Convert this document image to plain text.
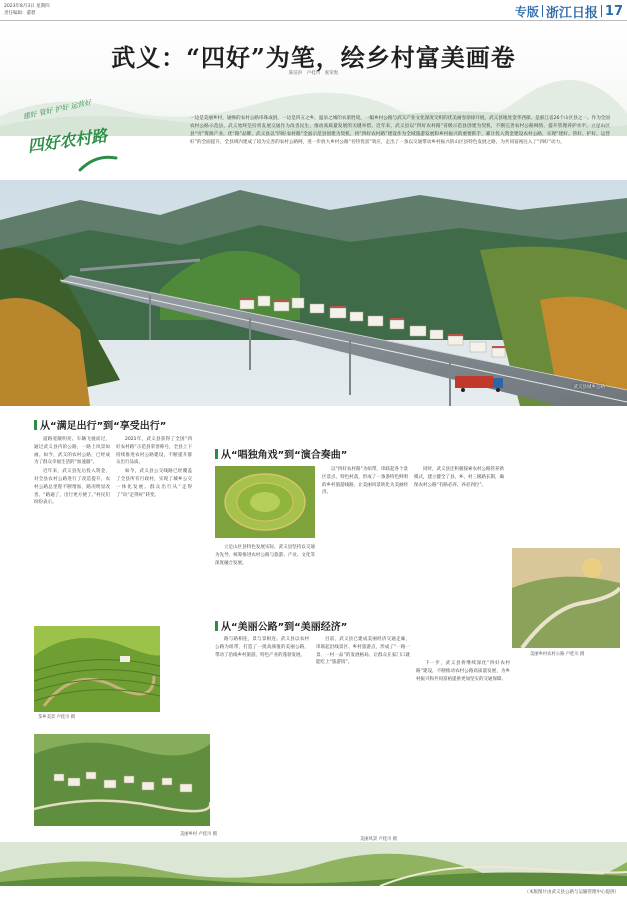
2023年8月3日 星期四
责任编辑：董碧	专版 浙江日报 17
武义：“四好”为笔，绘乡村富美画卷
陈洁洪 卢桂川 张荣奥
建好 管好 护好 运营好
四好农村路
一边是美丽乡村，通畅的农村公路串珠成链，一边是四五之乡，温泉之城的农旅胜境。一幅乡村公路与武义产业文化深度交织的优美画卷徐徐开展。武义县地处金华西部，是浙江省26个山区县之一。作为全国农村公路示范县，武义始终坚持将发展交通作为改善民生、推动高质量发展的关键举措。近年来，武义县以“四好农村路”省级示范县创建为契机，不断完善农村公路网络，提升管理养护水平。立足山区县“穷”资源产业、优“路”品牌，武义县以“四好农村路”全面示范县创建为契机，将“四好农村路”建设作为全域旅游发展和乡村振兴的重要抓手，累计投入资金建设农村公路，实现“建好、管好、护好、运营好”的全面提升，全县域内建成了较为完善的农村公路网，进一步放大乡村公路“名特优富”效应，走出了一条以交通带动乡村振兴的山区县特色发展之路，为共同富裕注入了“四好”动力。
武义县城乡公路
从“满足出行”到“享受出行”

道路宽敞明亮、车辆飞驰而过，通过武义县内的公路，一路上风景如画。如今，武义的农村公路，已经成为了群众幸福生活的“加速器”。

近年来，武义县先后投入资金，对全县农村公路进行了改造提升，农村公路总里程不断增加，路况明显改善。“路通了，出行更方便了。”村民们纷纷表示。

2021年，武义县获得了全国“四好农村路”示范县荣誉称号，全县上下持续推进农村公路建设，不断提升群众出行品质。

如今，武义县公交线路已经覆盖了全县所有行政村，实现了城乡公交一体化发展。群众出行从“走得了”向“走得好”转变。

茶乡美景 卢桂川 摄
从“唱独角戏”到“演合奏曲”

立足山区县特色发展实际，武义县坚持以交通为先导，统筹推进农村公路与旅游、产业、文化等深度融合发展。

以“四好农村路”为纽带，串联起各个景区景点、特色村落，形成了一条条特色鲜明的乡村旅游线路，让美丽风景转化为美丽经济。

同时，武义县还积极探索农村公路管养新模式，建立健全了县、乡、村三级路长制，确保农村公路“有路必养、养必到位”。

美丽乡村农村公路 卢桂川 摄
从“美丽公路”到“美丽经济”

路与路相连，景与景相连。武义县以农村公路为纽带，打造了一批高颜值的美丽公路，带动了沿线乡村旅游、特色产业的蓬勃发展。

目前，武义县已建成美丽经济交通走廊，串联起沿线景区、乡村旅游点，形成了“一路一景、一村一品”的发展格局，让群众在家门口就能吃上“旅游饭”。	下一步，武义县将继续深化“四好农村路”建设，不断推动农村公路高质量发展，为乡村振兴和共同富裕提供更加坚实的交通保障。

美丽乡村 卢桂川 摄
美丽风景 卢桂川 摄
（本版图片由武义县公路与运输管理中心提供）
